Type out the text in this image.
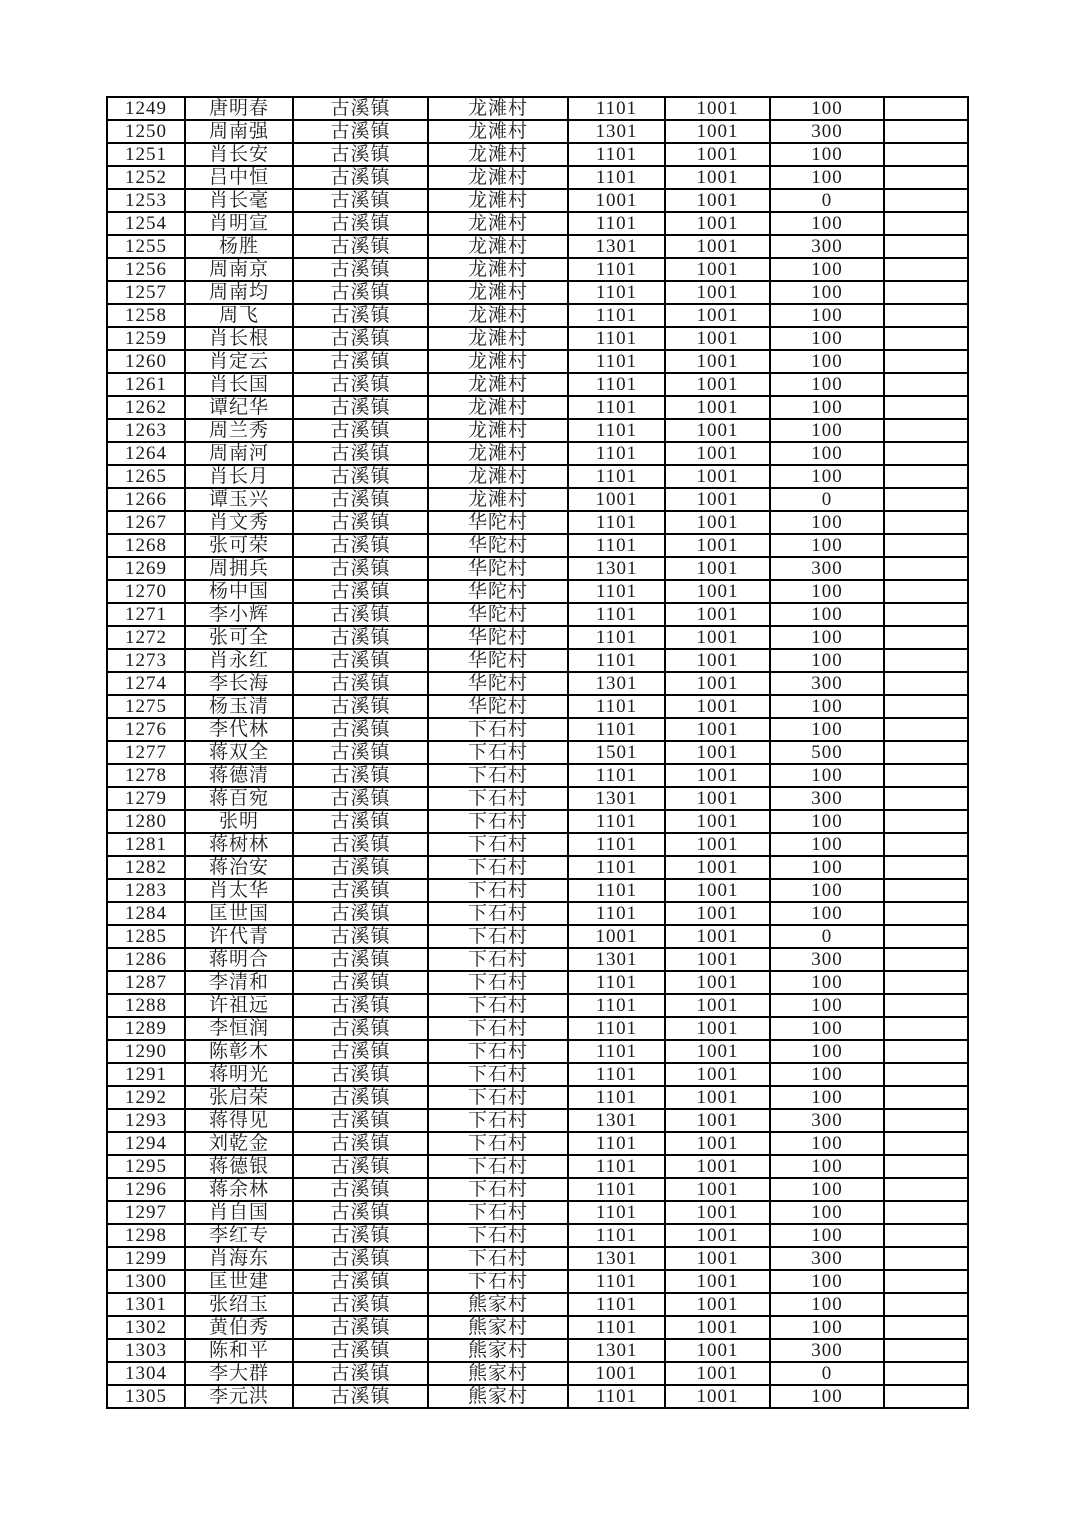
1249	唐明春	古溪镇	龙滩村	1101	1001	100	
1250	周南强	古溪镇	龙滩村	1301	1001	300	
1251	肖长安	古溪镇	龙滩村	1101	1001	100	
1252	吕中恒	古溪镇	龙滩村	1101	1001	100	
1253	肖长毫	古溪镇	龙滩村	1001	1001	0	
1254	肖明宣	古溪镇	龙滩村	1101	1001	100	
1255	杨胜	古溪镇	龙滩村	1301	1001	300	
1256	周南京	古溪镇	龙滩村	1101	1001	100	
1257	周南均	古溪镇	龙滩村	1101	1001	100	
1258	周飞	古溪镇	龙滩村	1101	1001	100	
1259	肖长根	古溪镇	龙滩村	1101	1001	100	
1260	肖定云	古溪镇	龙滩村	1101	1001	100	
1261	肖长国	古溪镇	龙滩村	1101	1001	100	
1262	谭纪华	古溪镇	龙滩村	1101	1001	100	
1263	周兰秀	古溪镇	龙滩村	1101	1001	100	
1264	周南河	古溪镇	龙滩村	1101	1001	100	
1265	肖长月	古溪镇	龙滩村	1101	1001	100	
1266	谭玉兴	古溪镇	龙滩村	1001	1001	0	
1267	肖文秀	古溪镇	华陀村	1101	1001	100	
1268	张可荣	古溪镇	华陀村	1101	1001	100	
1269	周拥兵	古溪镇	华陀村	1301	1001	300	
1270	杨中国	古溪镇	华陀村	1101	1001	100	
1271	李小辉	古溪镇	华陀村	1101	1001	100	
1272	张可全	古溪镇	华陀村	1101	1001	100	
1273	肖永红	古溪镇	华陀村	1101	1001	100	
1274	李长海	古溪镇	华陀村	1301	1001	300	
1275	杨玉清	古溪镇	华陀村	1101	1001	100	
1276	李代林	古溪镇	下石村	1101	1001	100	
1277	蒋双全	古溪镇	下石村	1501	1001	500	
1278	蒋德清	古溪镇	下石村	1101	1001	100	
1279	蒋百宛	古溪镇	下石村	1301	1001	300	
1280	张明	古溪镇	下石村	1101	1001	100	
1281	蒋树林	古溪镇	下石村	1101	1001	100	
1282	蒋治安	古溪镇	下石村	1101	1001	100	
1283	肖太华	古溪镇	下石村	1101	1001	100	
1284	匡世国	古溪镇	下石村	1101	1001	100	
1285	许代青	古溪镇	下石村	1001	1001	0	
1286	蒋明合	古溪镇	下石村	1301	1001	300	
1287	李清和	古溪镇	下石村	1101	1001	100	
1288	许祖远	古溪镇	下石村	1101	1001	100	
1289	李恒润	古溪镇	下石村	1101	1001	100	
1290	陈彰木	古溪镇	下石村	1101	1001	100	
1291	蒋明光	古溪镇	下石村	1101	1001	100	
1292	张启荣	古溪镇	下石村	1101	1001	100	
1293	蒋得见	古溪镇	下石村	1301	1001	300	
1294	刘乾金	古溪镇	下石村	1101	1001	100	
1295	蒋德银	古溪镇	下石村	1101	1001	100	
1296	蒋余林	古溪镇	下石村	1101	1001	100	
1297	肖自国	古溪镇	下石村	1101	1001	100	
1298	李红专	古溪镇	下石村	1101	1001	100	
1299	肖海东	古溪镇	下石村	1301	1001	300	
1300	匡世建	古溪镇	下石村	1101	1001	100	
1301	张绍玉	古溪镇	熊家村	1101	1001	100	
1302	黄伯秀	古溪镇	熊家村	1101	1001	100	
1303	陈和平	古溪镇	熊家村	1301	1001	300	
1304	李大群	古溪镇	熊家村	1001	1001	0	
1305	李元洪	古溪镇	熊家村	1101	1001	100	
